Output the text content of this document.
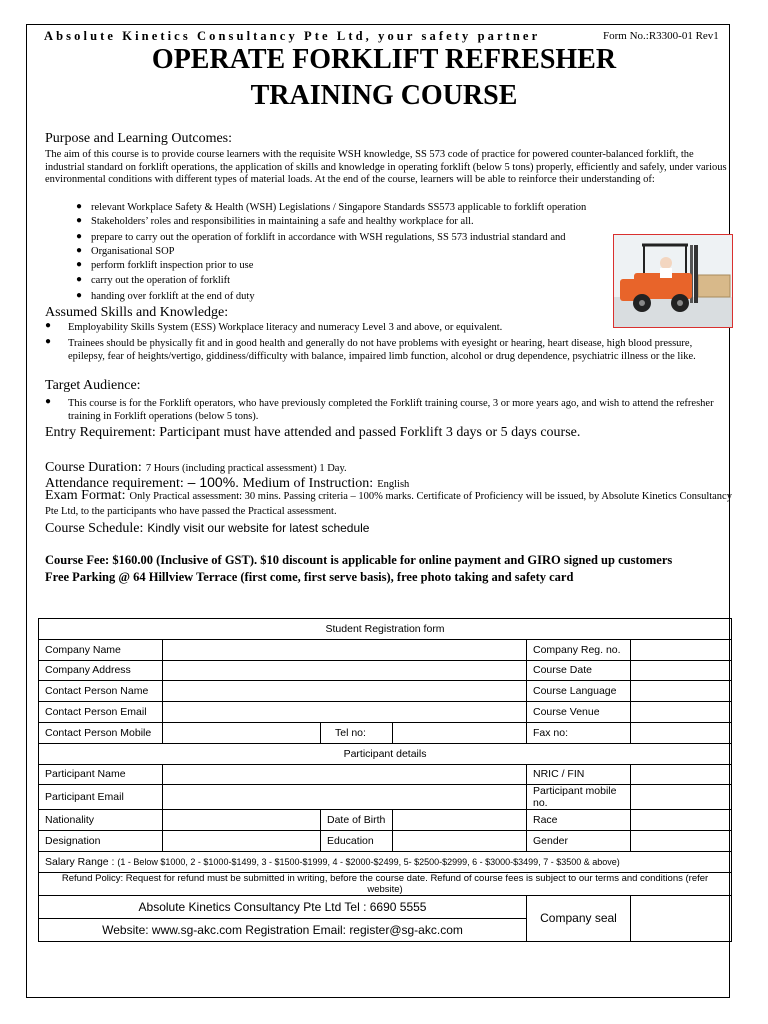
Absolute Kinetics Consultancy Pte Ltd, your safety partner	Form No.:R3300-01 Rev1
OPERATE FORKLIFT REFRESHER
TRAINING COURSE
Purpose and Learning Outcomes:
The aim of this course is to provide course learners with the requisite WSH knowledge, SS 573 code of practice for powered counter-balanced forklift, the industrial standard on forklift operations, the application of skills and knowledge in operating forklift (below 5 tons) properly, efficiently and safely, under various environmental conditions with different types of material loads. At the end of the course, learners will be able to reinforce their understanding of:
● relevant Workplace Safety & Health (WSH) Legislations / Singapore Standards SS573 applicable to forklift operation
● Stakeholders’ roles and responsibilities in maintaining a safe and healthy workplace for all.
● prepare to carry out the operation of forklift in accordance with WSH regulations, SS 573 industrial standard and
● Organisational SOP
● perform forklift inspection prior to use
● carry out the operation of forklift
● handing over forklift at the end of duty
Assumed Skills and Knowledge:
● Employability Skills System (ESS) Workplace literacy and numeracy Level 3 and above, or equivalent.
● Trainees should be physically fit and in good health and generally do not have problems with eyesight or hearing, heart disease, high blood pressure, epilepsy, fear of heights/vertigo, giddiness/difficulty with balance, impaired limb function, alcohol or drug dependence, psychiatric illness or the like.
Target Audience:
● This course is for the Forklift operators, who have previously completed the Forklift training course, 3 or more years ago, and wish to attend the refresher training in Forklift operations (below 5 tons).
Entry Requirement: Participant must have attended and passed Forklift 3 days or 5 days course.
Course Duration: 7 Hours (including practical assessment) 1 Day.
Attendance requirement: – 100%. Medium of Instruction: English
Exam Format: Only Practical assessment: 30 mins. Passing criteria – 100% marks. Certificate of Proficiency will be issued, by Absolute Kinetics Consultancy Pte Ltd, to the participants who have passed the Practical assessment.
Course Schedule: Kindly visit our website for latest schedule
Course Fee: $160.00 (Inclusive of GST). $10 discount is applicable for online payment and GIRO signed up customers
Free Parking @ 64 Hillview Terrace (first come, first serve basis), free photo taking and safety card
Student Registration form					
Company Name				Company Reg. no.	
Company Address				Course Date	
Contact Person Name				Course Language	
Contact Person Email				Course Venue	
Contact Person Mobile		Tel no:		Fax no:	
Participant details					
Participant Name				NRIC / FIN	
Participant Email				Participant mobile no.	
Nationality		Date of Birth		Race	
Designation		Education		Gender	
Salary Range : (1 - Below $1000, 2 - $1000-$1499, 3 - $1500-$1999, 4 - $2000-$2499, 5- $2500-$2999, 6 - $3000-$3499, 7 - $3500 & above)					
Refund Policy: Request for refund must be submitted in writing, before the course date. Refund of course fees is subject to our terms and conditions (refer website)					
Absolute Kinetics Consultancy Pte Ltd Tel : 6690 5555				Company seal	
Website: www.sg-akc.com Registration Email: register@sg-akc.com					
